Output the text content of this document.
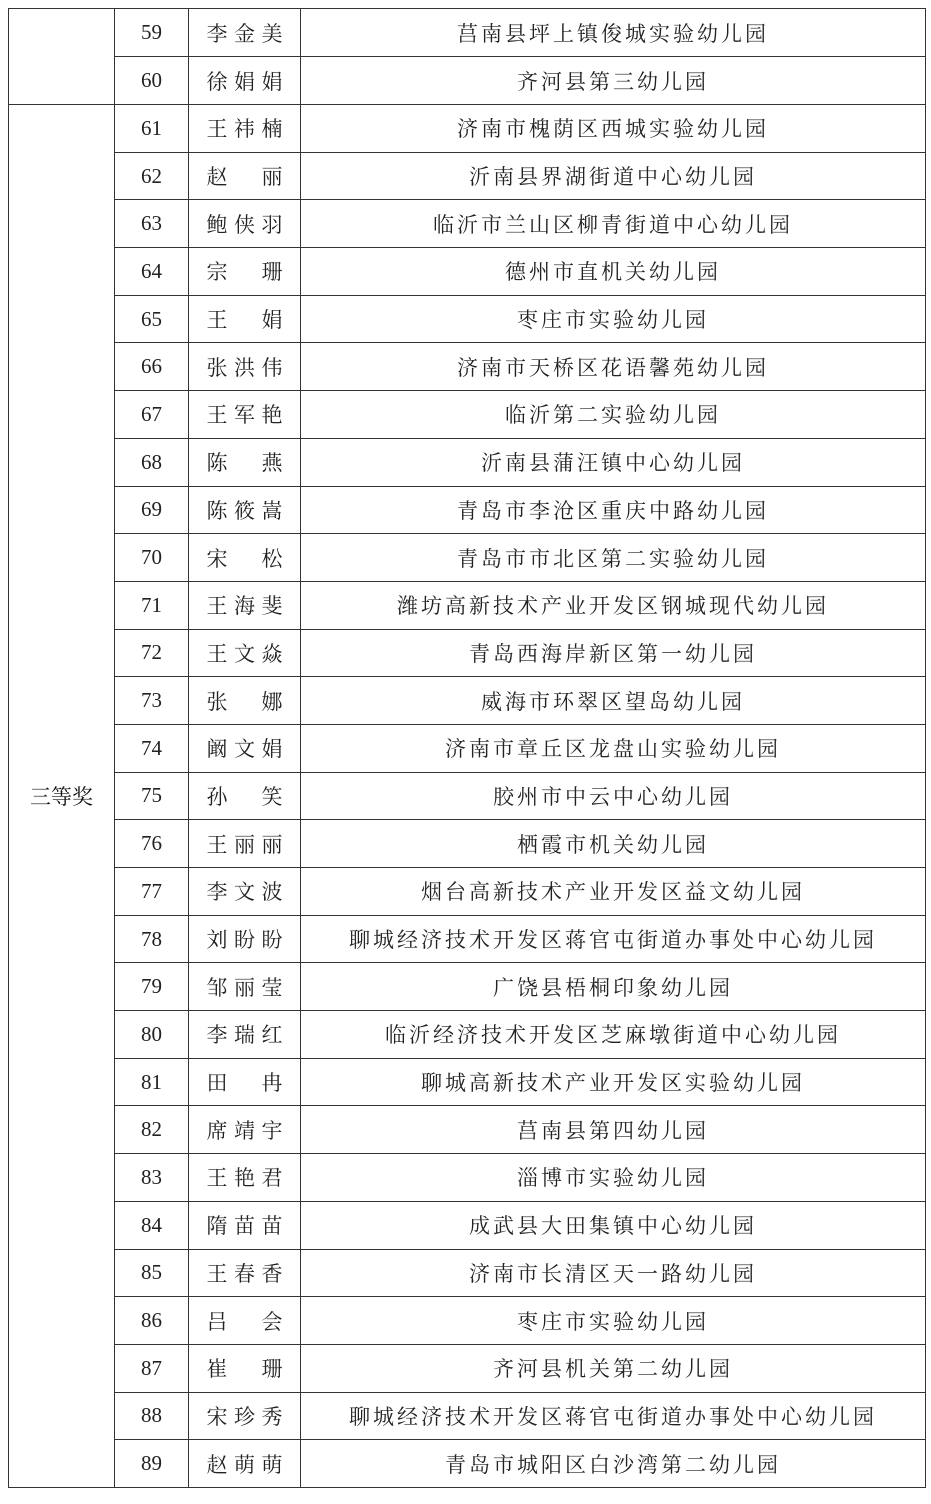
	59	李金美	莒南县坪上镇俊城实验幼儿园
	60	徐娟娟	齐河县第三幼儿园
三等奖	61	王祎楠	济南市槐荫区西城实验幼儿园
	62	赵丽	沂南县界湖街道中心幼儿园
	63	鲍侠羽	临沂市兰山区柳青街道中心幼儿园
	64	宗珊	德州市直机关幼儿园
	65	王娟	枣庄市实验幼儿园
	66	张洪伟	济南市天桥区花语馨苑幼儿园
	67	王军艳	临沂第二实验幼儿园
	68	陈燕	沂南县蒲汪镇中心幼儿园
	69	陈筱嵩	青岛市李沧区重庆中路幼儿园
	70	宋松	青岛市市北区第二实验幼儿园
	71	王海斐	潍坊高新技术产业开发区钢城现代幼儿园
	72	王文焱	青岛西海岸新区第一幼儿园
	73	张娜	威海市环翠区望岛幼儿园
	74	阚文娟	济南市章丘区龙盘山实验幼儿园
	75	孙笑	胶州市中云中心幼儿园
	76	王丽丽	栖霞市机关幼儿园
	77	李文波	烟台高新技术产业开发区益文幼儿园
	78	刘盼盼	聊城经济技术开发区蒋官屯街道办事处中心幼儿园
	79	邹丽莹	广饶县梧桐印象幼儿园
	80	李瑞红	临沂经济技术开发区芝麻墩街道中心幼儿园
	81	田冉	聊城高新技术产业开发区实验幼儿园
	82	席靖宇	莒南县第四幼儿园
	83	王艳君	淄博市实验幼儿园
	84	隋苗苗	成武县大田集镇中心幼儿园
	85	王春香	济南市长清区天一路幼儿园
	86	吕会	枣庄市实验幼儿园
	87	崔珊	齐河县机关第二幼儿园
	88	宋珍秀	聊城经济技术开发区蒋官屯街道办事处中心幼儿园
	89	赵萌萌	青岛市城阳区白沙湾第二幼儿园
